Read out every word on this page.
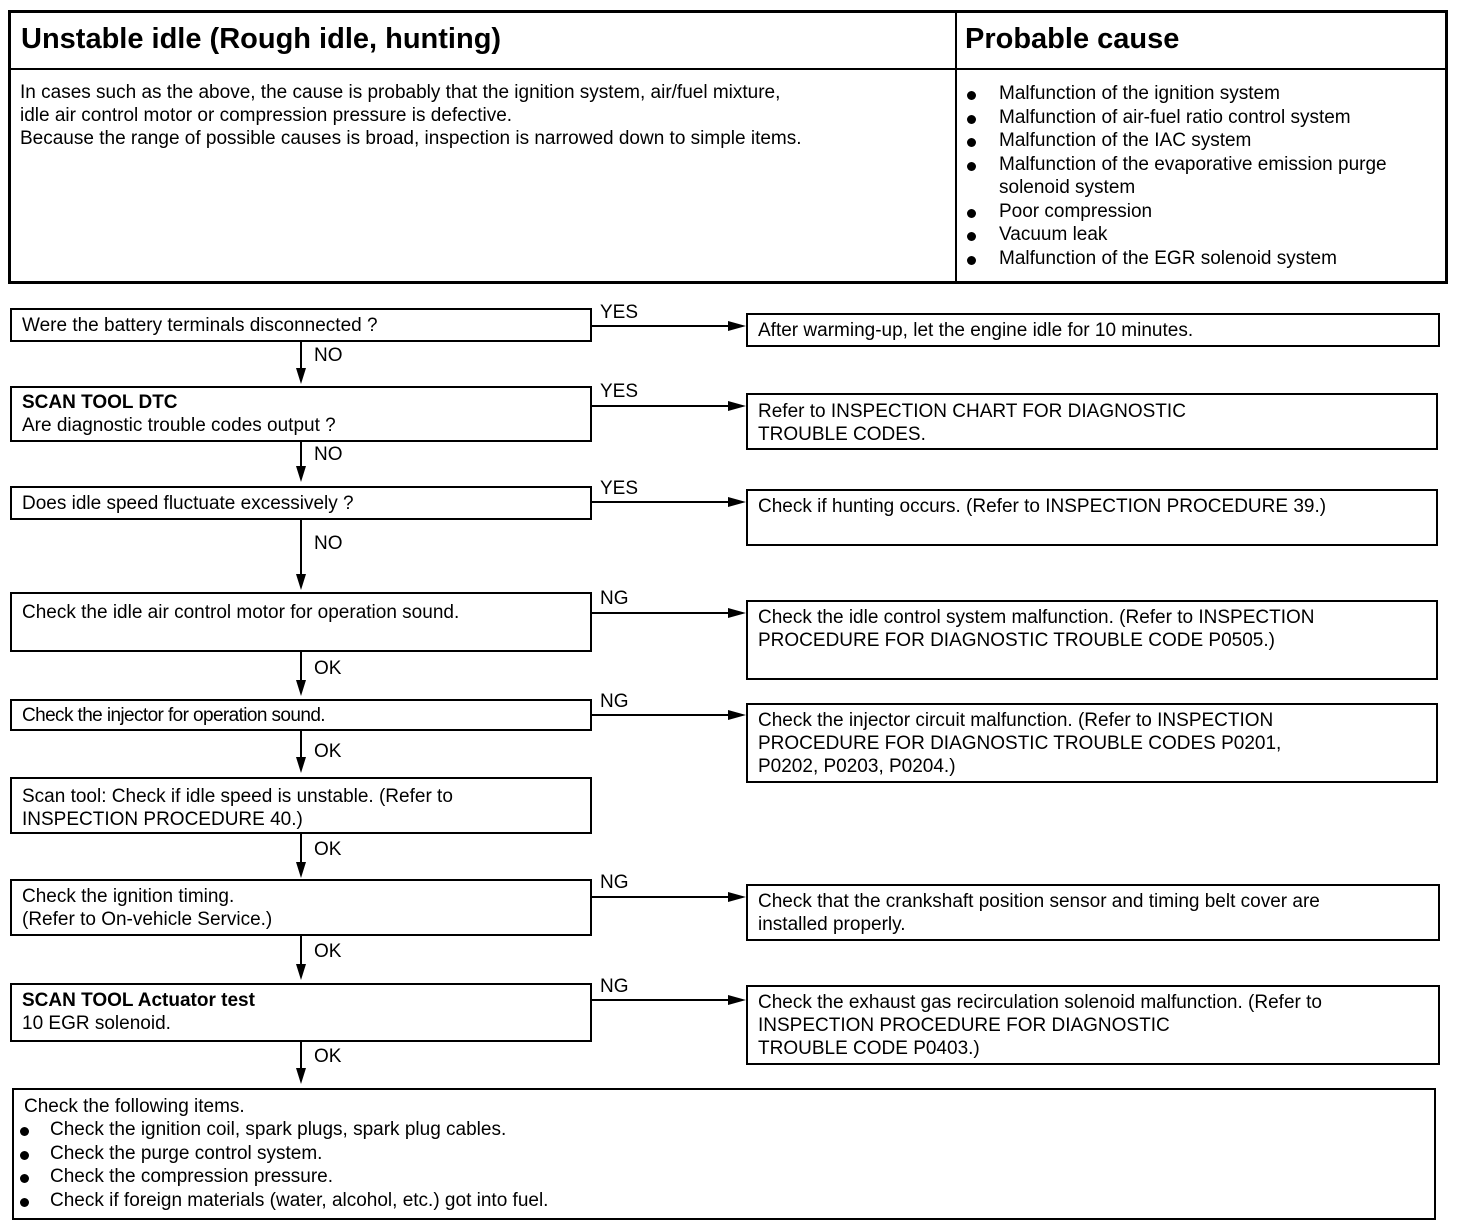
Unstable idle (Rough idle, hunting)	Probable cause
In cases such as the above, the cause is probably that the ignition system, air/fuel mixture,
idle air control motor or compression pressure is defective.
Because the range of possible causes is broad, inspection is narrowed down to simple items.
Malfunction of the ignition system
Malfunction of air-fuel ratio control system
Malfunction of the IAC system
Malfunction of the evaporative emission purge
solenoid system
Poor compression
Vacuum leak
Malfunction of the EGR solenoid system
Were the battery terminals disconnected ?
YES
After warming-up, let the engine idle for 10 minutes.
NO
SCAN TOOL DTC
Are diagnostic trouble codes output ?
YES
Refer to INSPECTION CHART FOR DIAGNOSTIC
TROUBLE CODES.
NO
Does idle speed fluctuate excessively ?
YES
Check if hunting occurs. (Refer to INSPECTION PROCEDURE 39.)
NO
Check the idle air control motor for operation sound.
NG
Check the idle control system malfunction. (Refer to INSPECTION
PROCEDURE FOR DIAGNOSTIC TROUBLE CODE P0505.)
OK
Check the injector for operation sound.
NG
Check the injector circuit malfunction. (Refer to INSPECTION
PROCEDURE FOR DIAGNOSTIC TROUBLE CODES P0201,
P0202, P0203, P0204.)
OK
Scan tool: Check if idle speed is unstable. (Refer to
INSPECTION PROCEDURE 40.)
OK
Check the ignition timing.
(Refer to On-vehicle Service.)
NG
Check that the crankshaft position sensor and timing belt cover are
installed properly.
OK
SCAN TOOL Actuator test
10 EGR solenoid.
NG
Check the exhaust gas recirculation solenoid malfunction. (Refer to
INSPECTION PROCEDURE FOR DIAGNOSTIC
TROUBLE CODE P0403.)
OK
Check the following items.
Check the ignition coil, spark plugs, spark plug cables.
Check the purge control system.
Check the compression pressure.
Check if foreign materials (water, alcohol, etc.) got into fuel.
